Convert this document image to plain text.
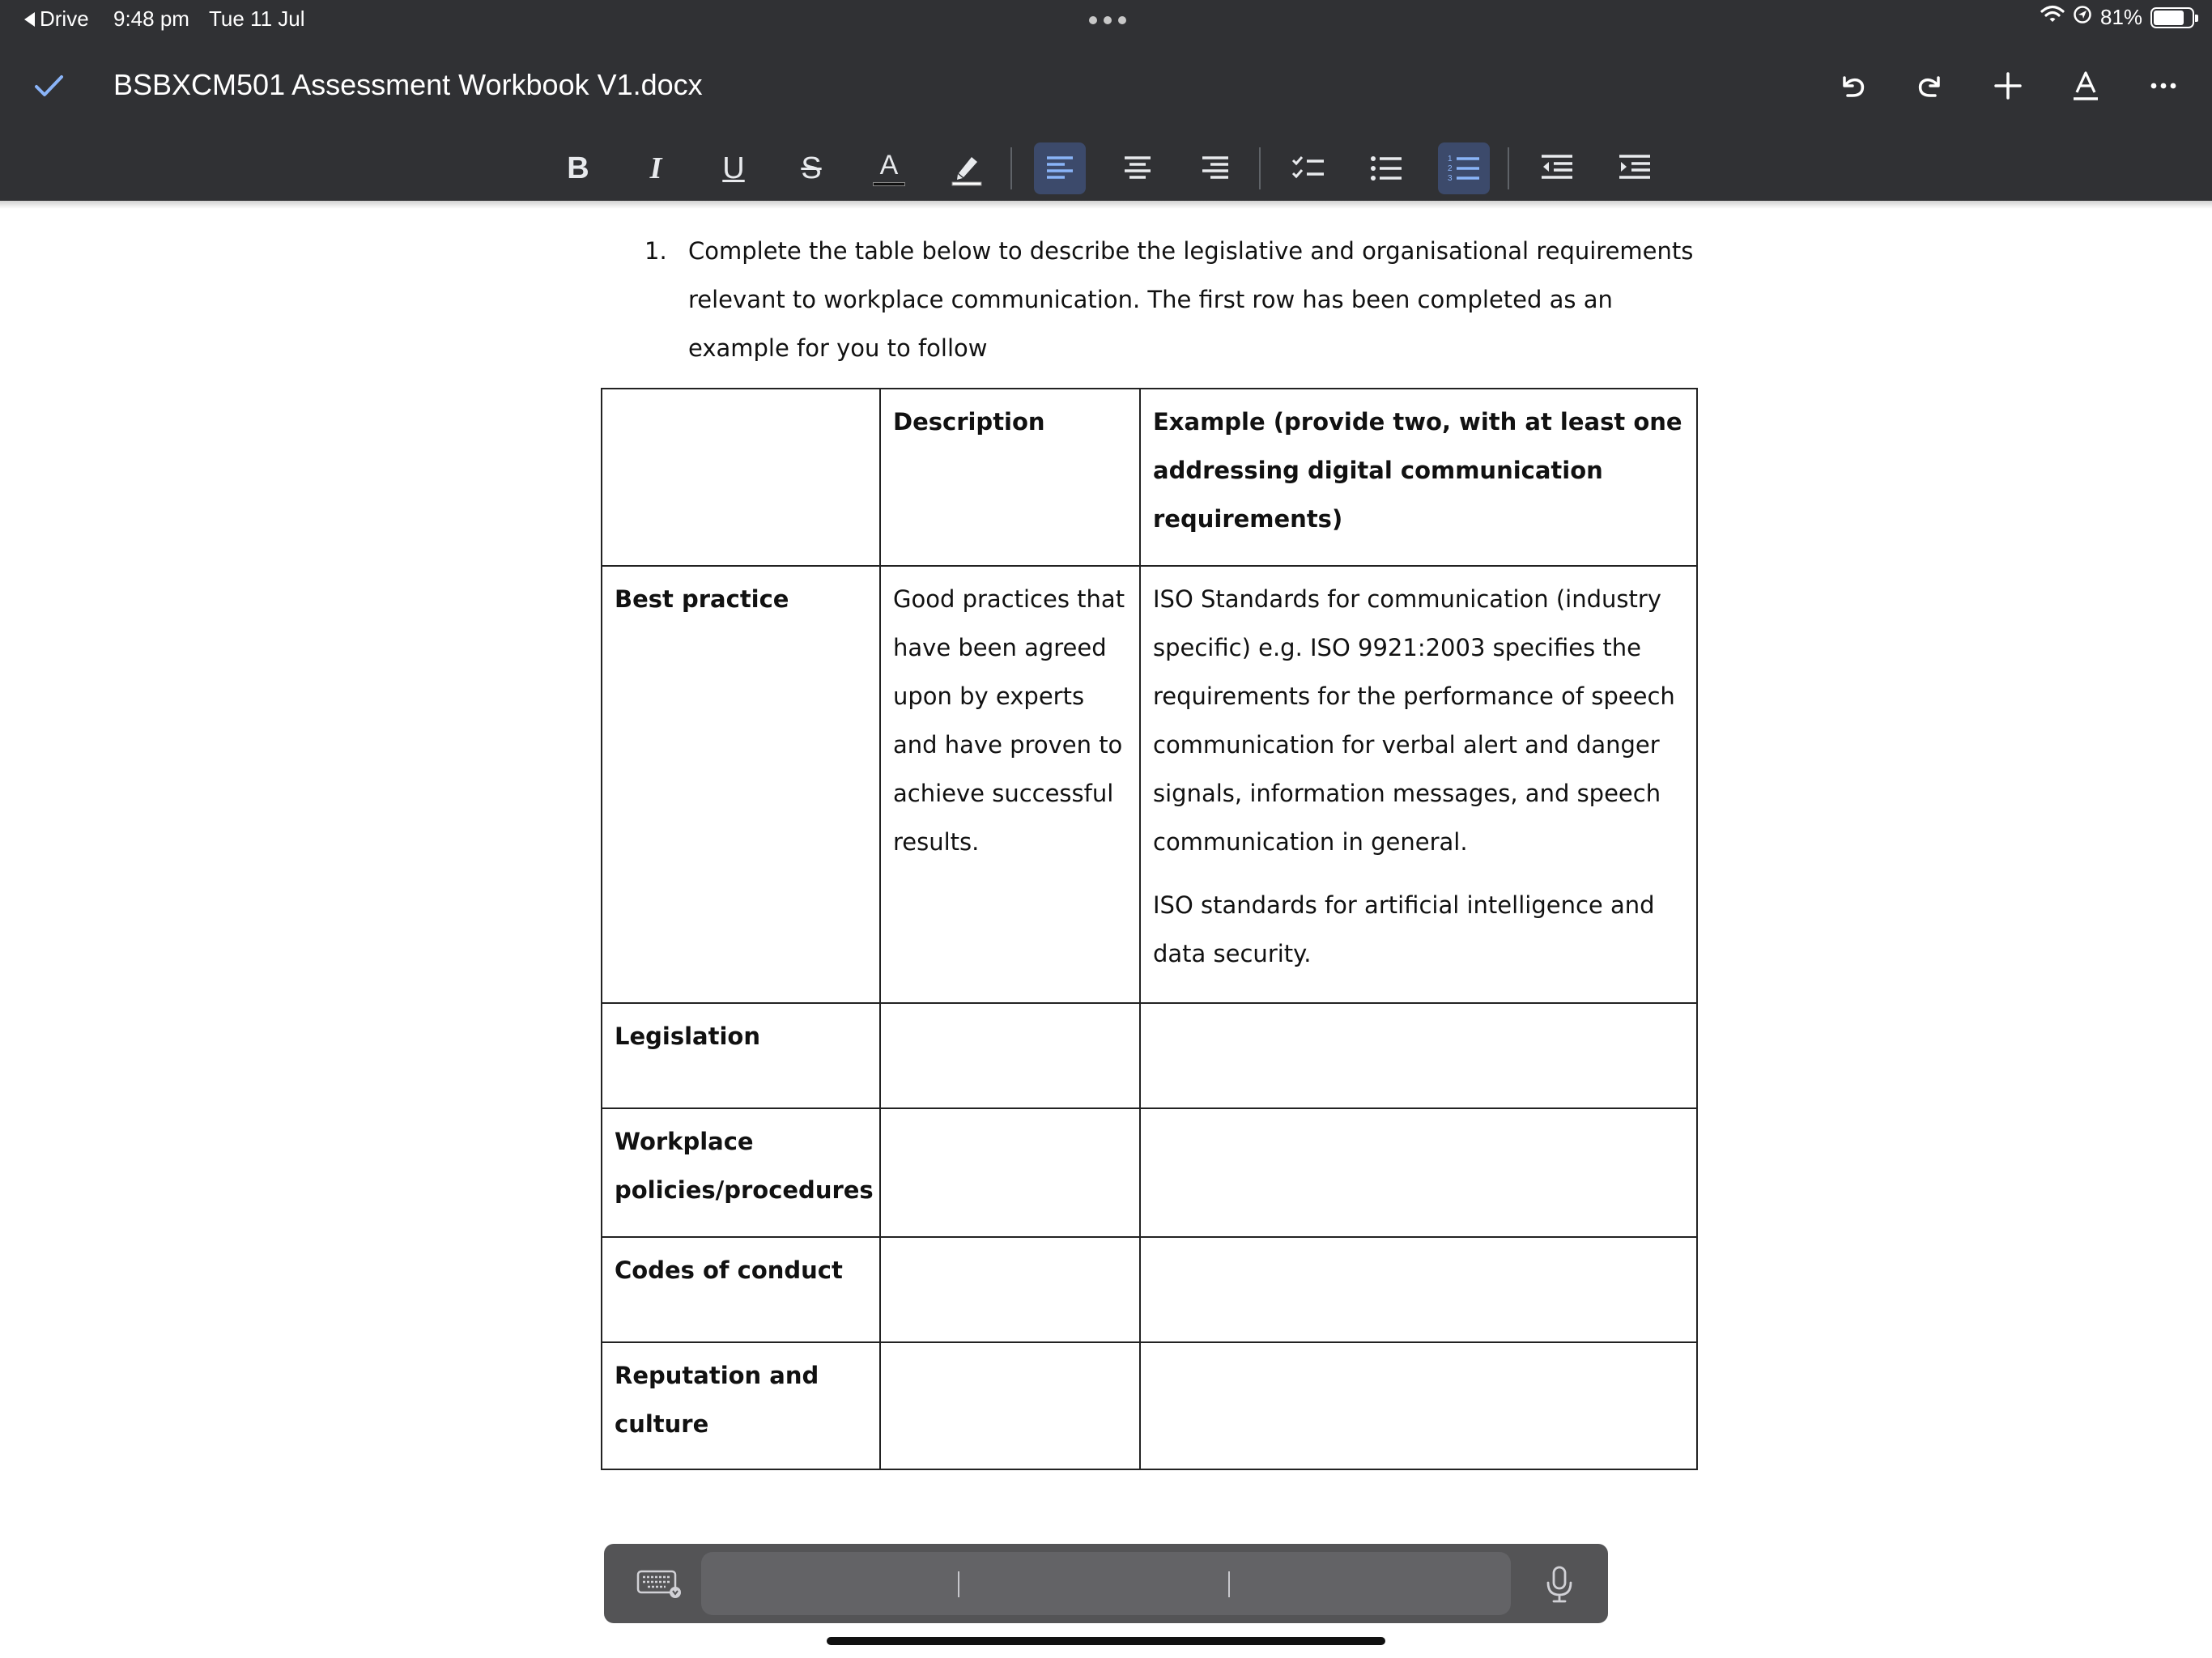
Drive 9:48 pm Tue 11 Jul	81%
BSBXCM501 Assessment Workbook V1.docx
B I U S A	1
2
3
1. Complete the table below to describe the legislative and organisational requirements
relevant to workplace communication. The first row has been completed as an
example for you to follow
	Description	Example (provide two, with at least one
addressing digital communication
requirements)

Best practice	Good practices that have been agreed upon by experts and have proven to achieve successful results.	ISO Standards for communication (industry specific) e.g. ISO 9921:2003 specifies the requirements for the performance of speech communication for verbal alert and danger signals, information messages, and speech communication in general.
ISO standards for artificial intelligence and data security.

Legislation		
Workplace policies/procedures		
Codes of conduct		
Reputation and culture		
